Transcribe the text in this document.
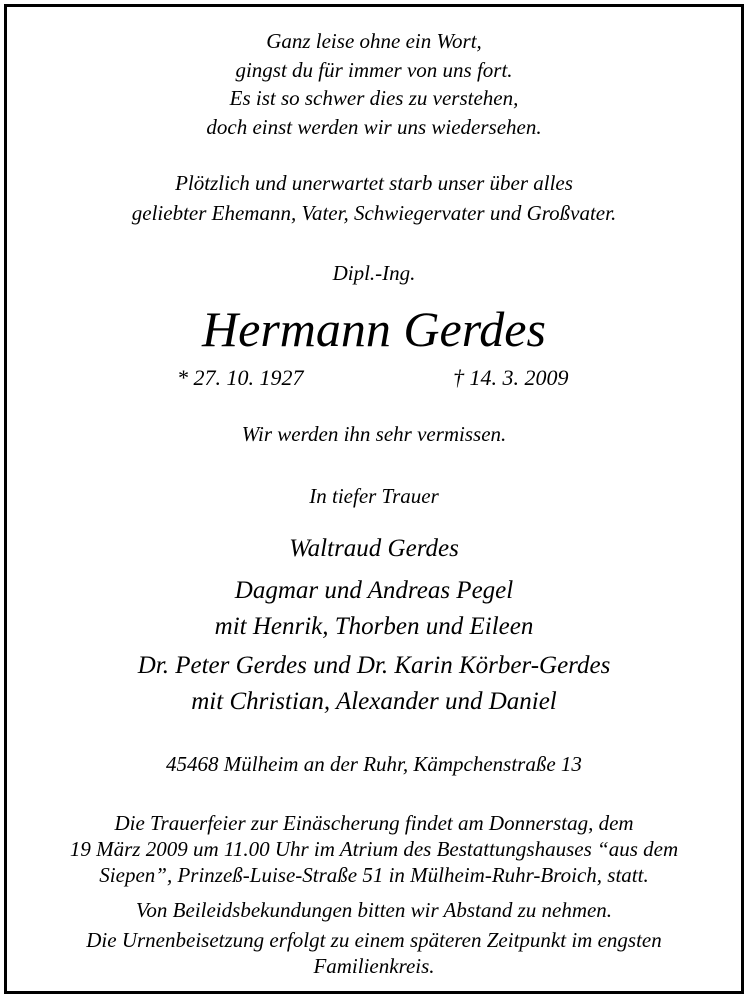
Ganz leise ohne ein Wort,
gingst du für immer von uns fort.
Es ist so schwer dies zu verstehen,
doch einst werden wir uns wiedersehen.
Plötzlich und unerwartet starb unser über alles
geliebter Ehemann, Vater, Schwiegervater und Großvater.
Dipl.-Ing.
Hermann Gerdes
* 27. 10. 1927	† 14. 3. 2009
Wir werden ihn sehr vermissen.
In tiefer Trauer
Waltraud Gerdes
Dagmar und Andreas Pegel
mit Henrik, Thorben und Eileen
Dr. Peter Gerdes und Dr. Karin Körber-Gerdes
mit Christian, Alexander und Daniel
45468 Mülheim an der Ruhr, Kämpchenstraße 13
Die Trauerfeier zur Einäscherung findet am Donnerstag, dem
19 März 2009 um 11.00 Uhr im Atrium des Bestattungshauses “aus dem
Siepen”, Prinzeß-Luise-Straße 51 in Mülheim-Ruhr-Broich, statt.
Von Beileidsbekundungen bitten wir Abstand zu nehmen.
Die Urnenbeisetzung erfolgt zu einem späteren Zeitpunkt im engsten
Familienkreis.
